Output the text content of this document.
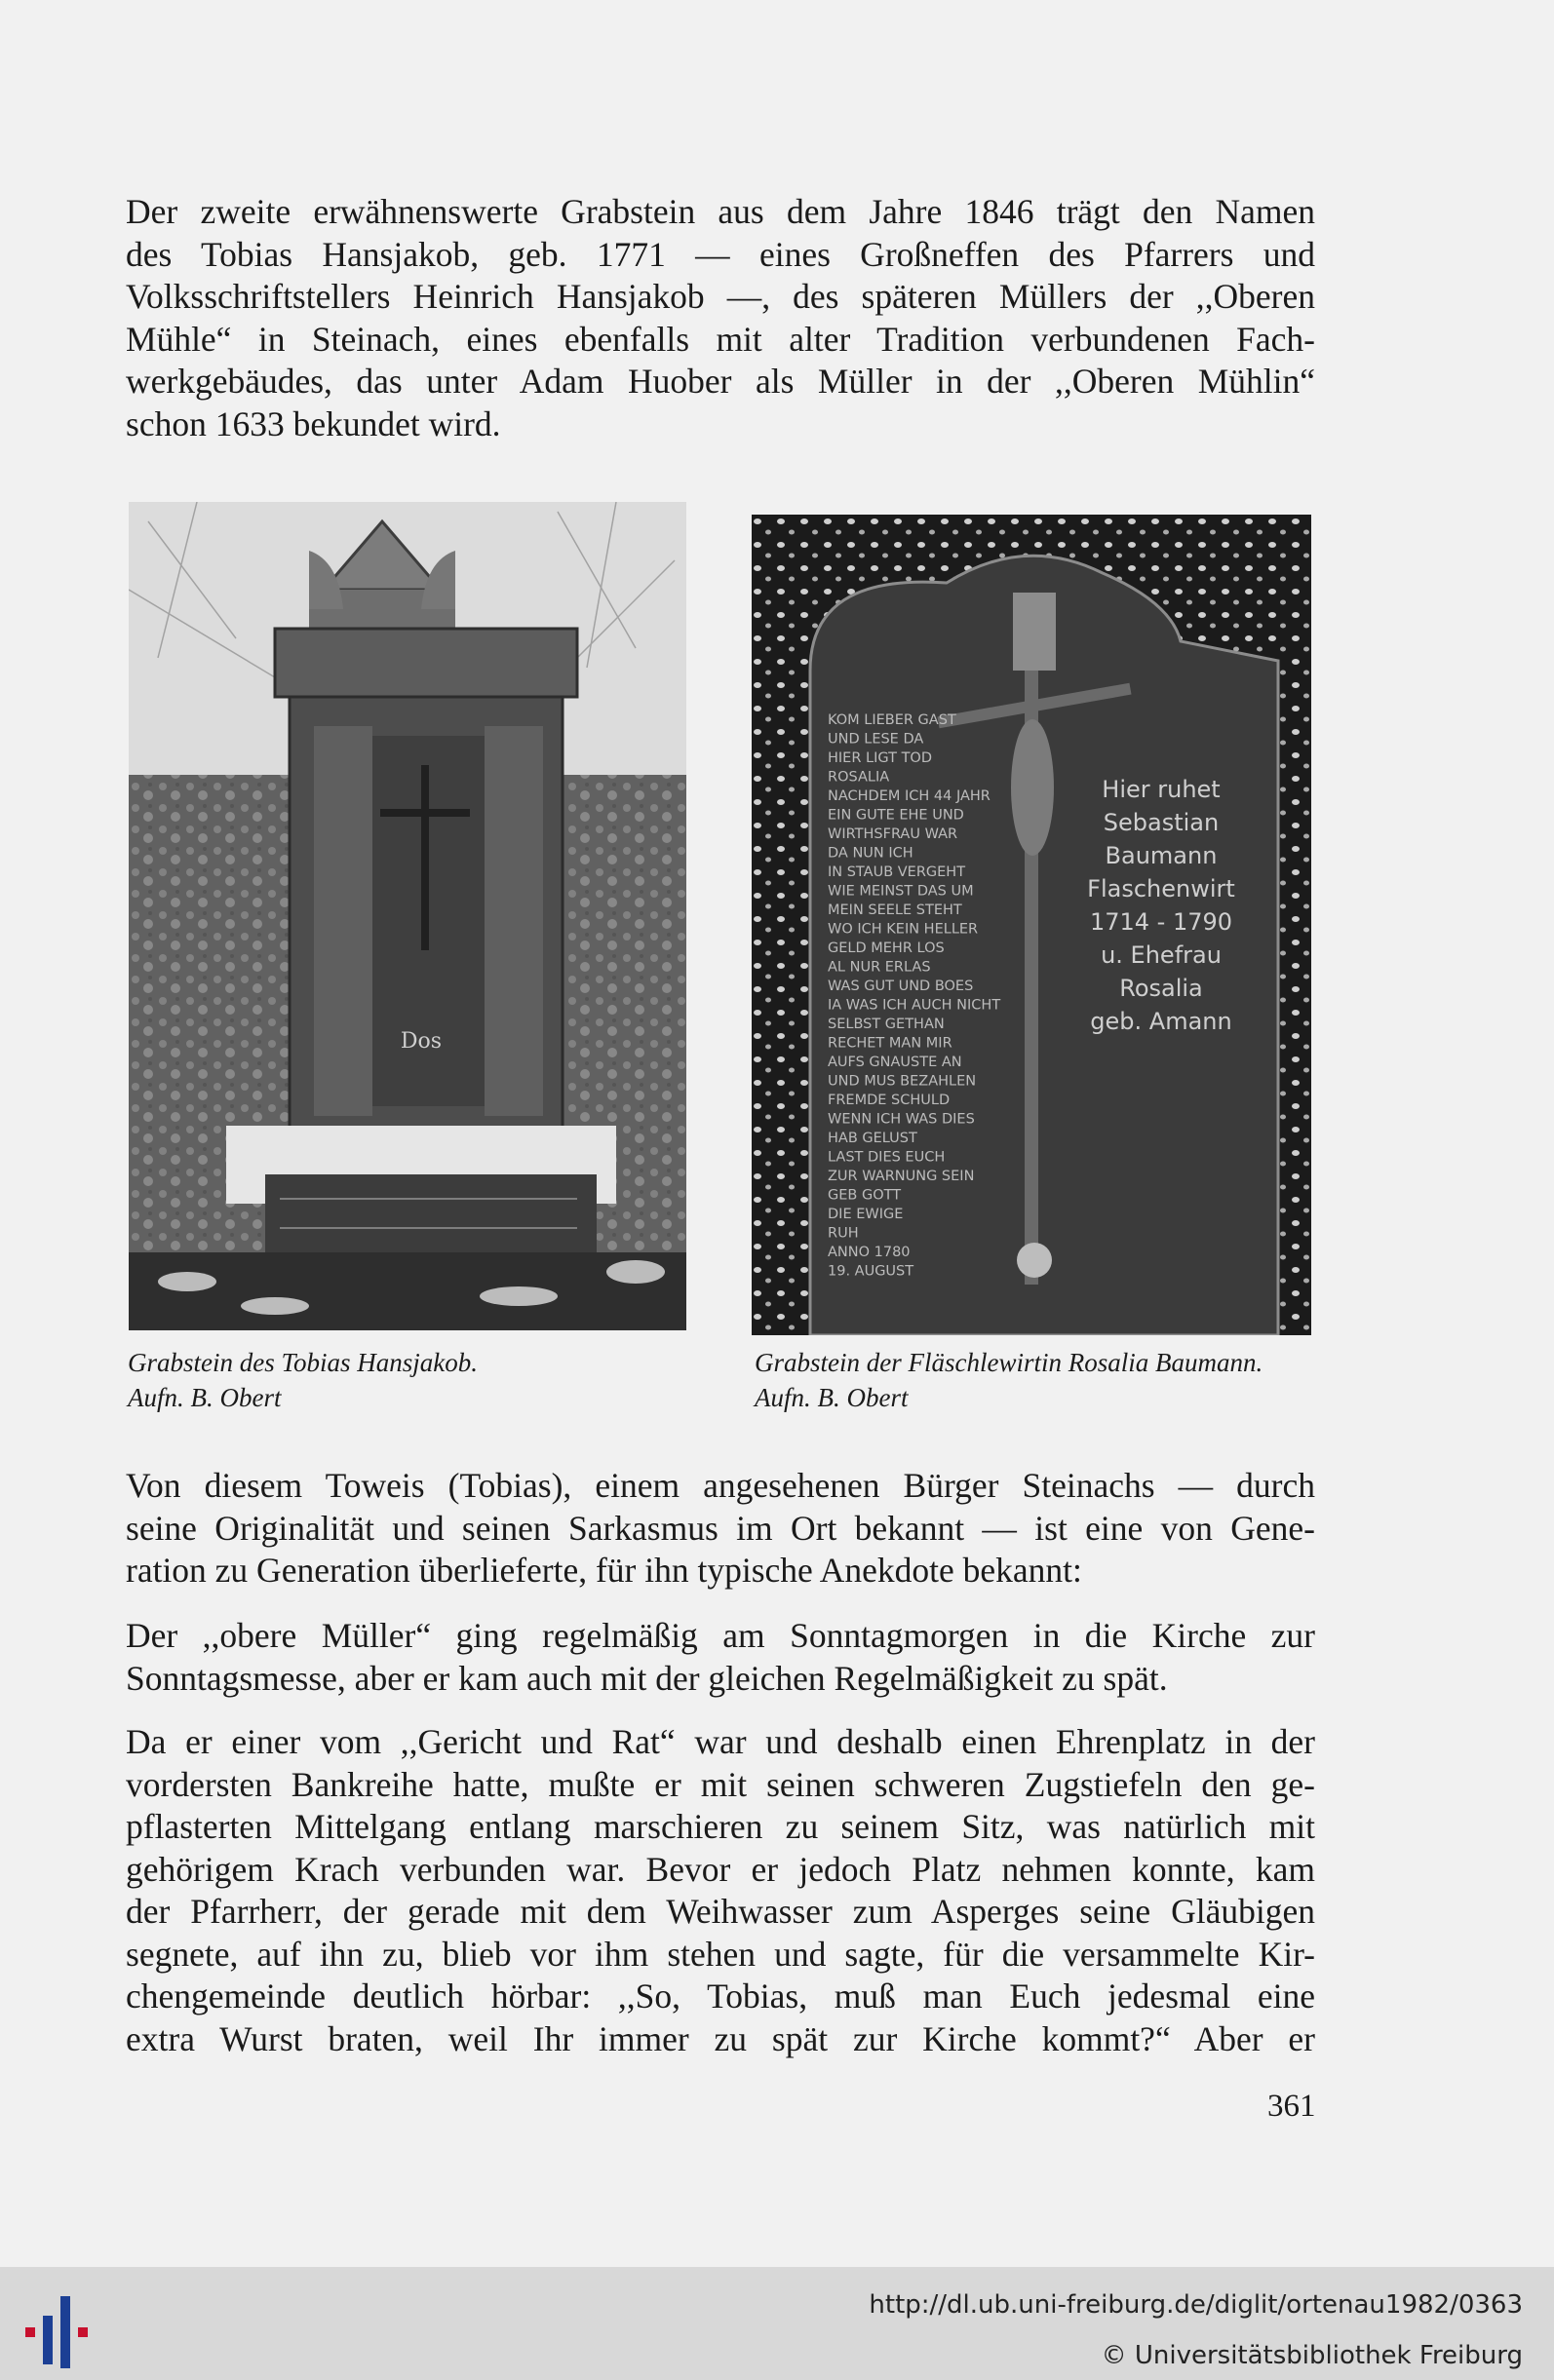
Der zweite erwähnenswerte Grabstein aus dem Jahre 1846 trägt den Namen
des Tobias Hansjakob, geb. 1771 — eines Großneffen des Pfarrers und
Volksschriftstellers Heinrich Hansjakob —, des späteren Müllers der ,,Oberen
Mühle“ in Steinach, eines ebenfalls mit alter Tradition verbundenen Fach-
werkgebäudes, das unter Adam Huober als Müller in der ,,Oberen Mühlin“
schon 1633 bekundet wird.
Dos
KOM LIEBER GAST UND LESE DA HIER LIGT TOD ROSALIA NACHDEM ICH 44 JAHR EIN GUTE EHE UND WIRTHSFRAU WAR DA NUN ICH IN STAUB VERGEHT WIE MEINST DAS UM MEIN SEELE STEHT WO ICH KEIN HELLER GELD MEHR LOS AL NUR ERLAS WAS GUT UND BOES IA WAS ICH AUCH NICHT SELBST GETHAN RECHET MAN MIR AUFS GNAUSTE AN UND MUS BEZAHLEN FREMDE SCHULD WENN ICH WAS DIES HAB GELUST LAST DIES EUCH ZUR WARNUNG SEIN GEB GOTT DIE EWIGE RUH ANNO 1780 19. AUGUST
Hier ruhet Sebastian Baumann Flaschenwirt 1714 - 1790 u. Ehefrau Rosalia geb. Amann
Grabstein des Tobias Hansjakob.
Aufn. B. Obert
Grabstein der Fläschlewirtin Rosalia Baumann.
Aufn. B. Obert
Von diesem Toweis (Tobias), einem angesehenen Bürger Steinachs — durch
seine Originalität und seinen Sarkasmus im Ort bekannt — ist eine von Gene-
ration zu Generation überlieferte, für ihn typische Anekdote bekannt:
Der ,,obere Müller“ ging regelmäßig am Sonntagmorgen in die Kirche zur
Sonntagsmesse, aber er kam auch mit der gleichen Regelmäßigkeit zu spät.
Da er einer vom ,,Gericht und Rat“ war und deshalb einen Ehrenplatz in der
vordersten Bankreihe hatte, mußte er mit seinen schweren Zugstiefeln den ge-
pflasterten Mittelgang entlang marschieren zu seinem Sitz, was natürlich mit
gehörigem Krach verbunden war. Bevor er jedoch Platz nehmen konnte, kam
der Pfarrherr, der gerade mit dem Weihwasser zum Asperges seine Gläubigen
segnete, auf ihn zu, blieb vor ihm stehen und sagte, für die versammelte Kir-
chengemeinde deutlich hörbar: ,,So, Tobias, muß man Euch jedesmal eine
extra Wurst braten, weil Ihr immer zu spät zur Kirche kommt?“ Aber er
361
http://dl.ub.uni-freiburg.de/diglit/ortenau1982/0363
© Universitätsbibliothek Freiburg
